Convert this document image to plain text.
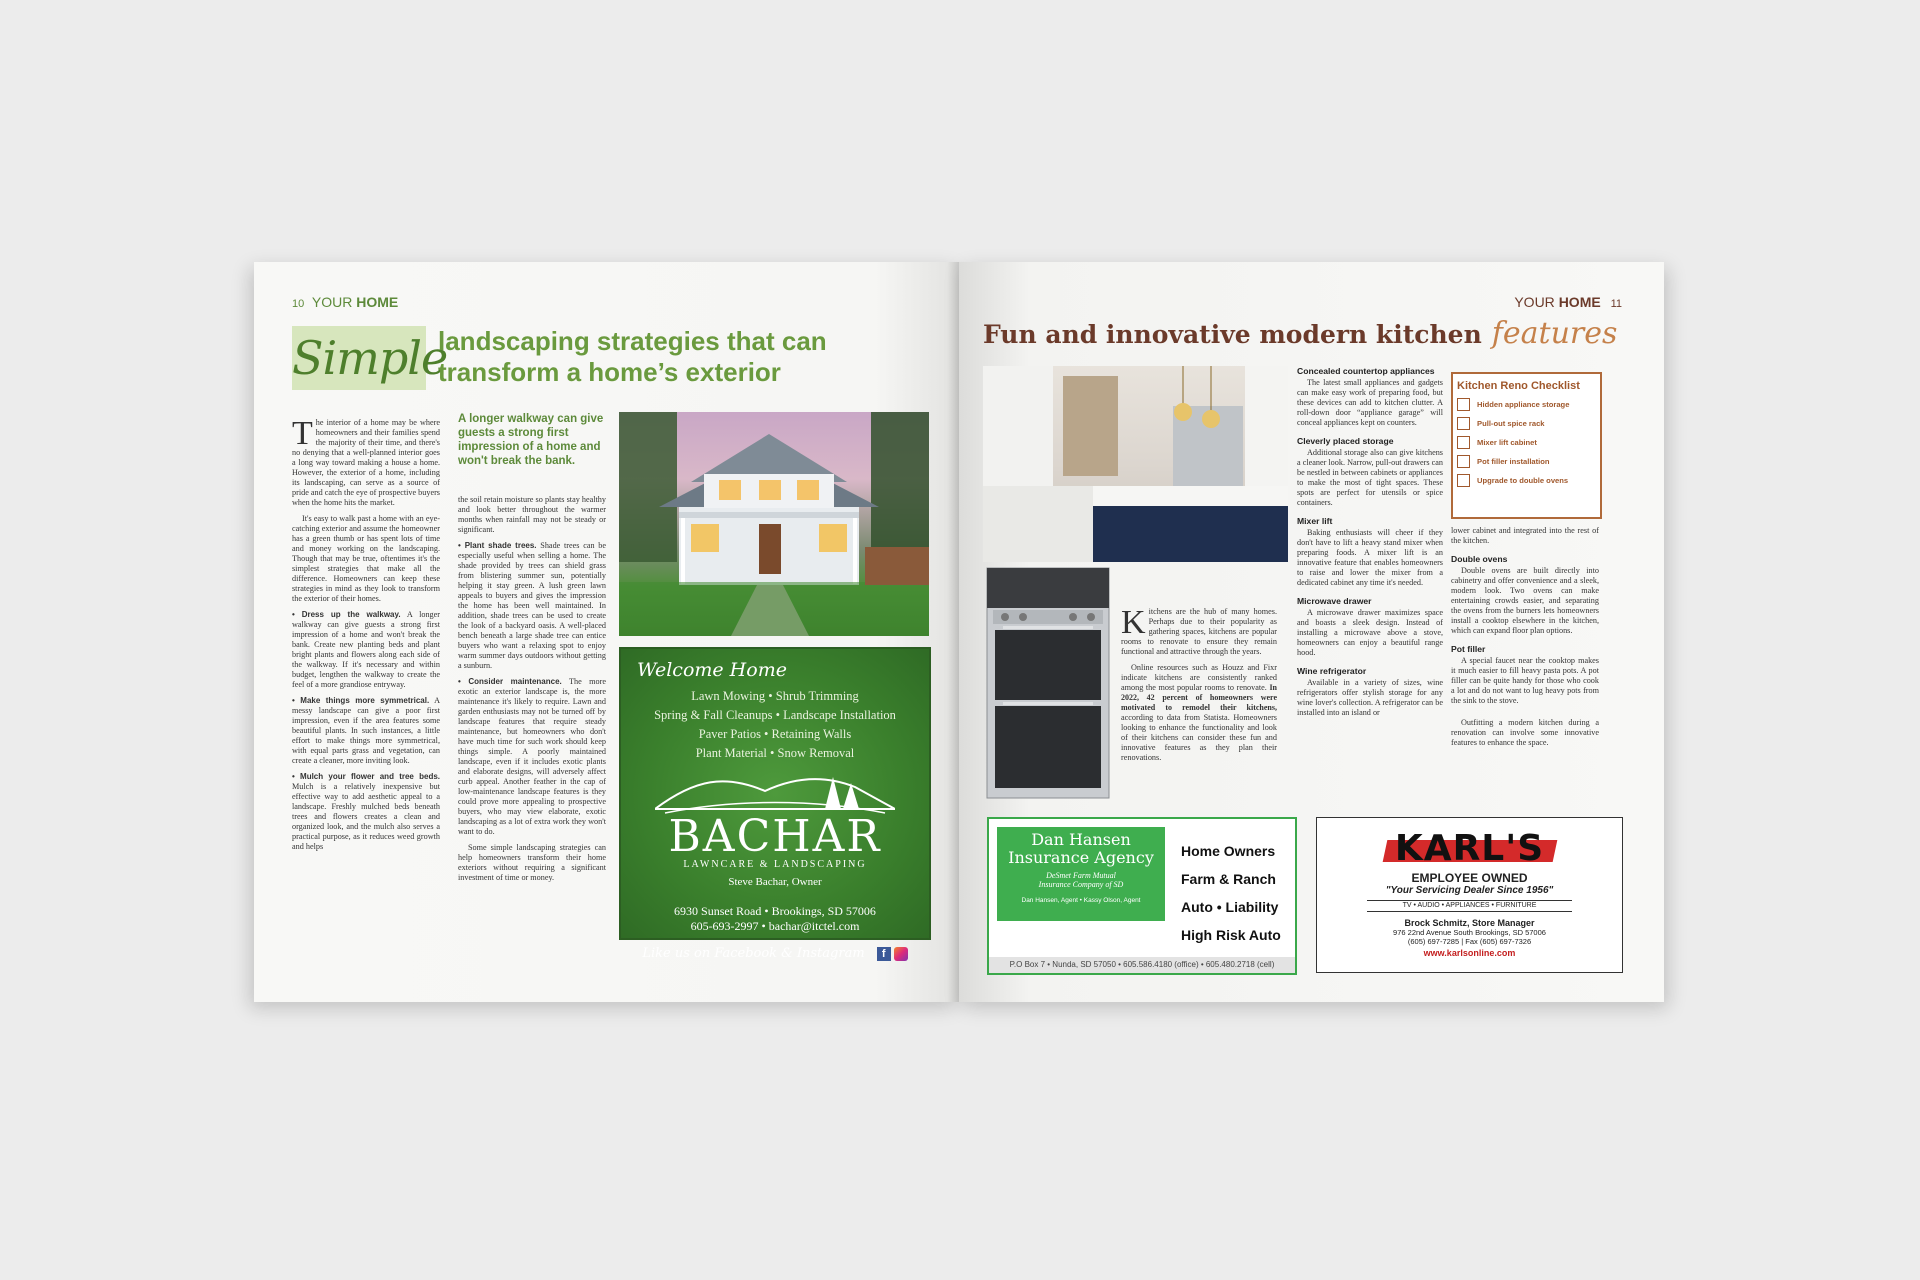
10 YOUR HOME
Simple
landscaping strategies that can transform a home’s exterior

The interior of a home may be where homeowners and their families spend the majority of their time, and there's no denying that a well-planned interior goes a long way toward making a house a home. However, the exterior of a home, including its landscaping, can serve as a source of pride and catch the eye of prospective buyers when the home hits the market.

It's easy to walk past a home with an eye-catching exterior and assume the homeowner has a green thumb or has spent lots of time and money working on the landscaping. Though that may be true, oftentimes it's the simplest strategies that make all the difference. Homeowners can keep these strategies in mind as they look to transform the exterior of their homes.

• Dress up the walkway. A longer walkway can give guests a strong first impression of a home and won't break the bank. Create new planting beds and plant bright plants and flowers along each side of the walkway. If it's necessary and within budget, lengthen the walkway to create the feel of a more grandiose entryway.

• Make things more symmetrical. A messy landscape can give a poor first impression, even if the area features some beautiful plants. In such instances, a little effort to make things more symmetrical, with equal parts grass and vegetation, can create a cleaner, more inviting look.

• Mulch your flower and tree beds. Mulch is a relatively inexpensive but effective way to add aesthetic appeal to a landscape. Freshly mulched beds beneath trees and flowers creates a clean and organized look, and the mulch also serves a practical purpose, as it reduces weed growth and helps

A longer walkway can give guests a strong first impression of a home and won't break the bank.

the soil retain moisture so plants stay healthy and look better throughout the warmer months when rainfall may not be steady or significant.

• Plant shade trees. Shade trees can be especially useful when selling a home. The shade provided by trees can shield grass from blistering summer sun, potentially helping it stay green. A lush green lawn appeals to buyers and gives the impression the home has been well maintained. In addition, shade trees can be used to create the look of a backyard oasis. A well-placed bench beneath a large shade tree can entice buyers who want a relaxing spot to enjoy warm summer days outdoors without getting a sunburn.

• Consider maintenance. The more exotic an exterior landscape is, the more maintenance it's likely to require. Lawn and garden enthusiasts may not be turned off by landscape features that require steady maintenance, but homeowners who don't have much time for such work should keep things simple. A poorly maintained landscape, even if it includes exotic plants and elaborate designs, will adversely affect curb appeal. Another feather in the cap of low-maintenance landscape features is they could prove more appealing to prospective buyers, who may view elaborate, exotic landscaping as a lot of extra work they won't want to do.

Some simple landscaping strategies can help homeowners transform their home exteriors without requiring a significant investment of time or money.

Welcome Home
Lawn Mowing • Shrub Trimming
Spring & Fall Cleanups • Landscape Installation
Paver Patios • Retaining Walls
Plant Material • Snow Removal
BACHAR
LAWNCARE & LANDSCAPING
Steve Bachar, Owner
6930 Sunset Road • Brookings, SD 57006
605-693-2997 • bachar@itctel.com
Like us on Facebook & Instagram	f
YOUR HOME 11
Fun and innovative modern kitchen features

Kitchens are the hub of many homes. Perhaps due to their popularity as gathering spaces, kitchens are popular rooms to renovate to ensure they remain functional and attractive through the years.

Online resources such as Houzz and Fixr indicate kitchens are consistently ranked among the most popular rooms to renovate. In 2022, 42 percent of homeowners were motivated to remodel their kitchens, according to data from Statista. Homeowners looking to enhance the functionality and look of their kitchens can consider these fun and innovative features as they plan their renovations.

Concealed countertop appliances

The latest small appliances and gadgets can make easy work of preparing food, but these devices can add to kitchen clutter. A roll-down door “appliance garage” will conceal appliances kept on counters.

Cleverly placed storage

Additional storage also can give kitchens a cleaner look. Narrow, pull-out drawers can be nestled in between cabinets or appliances to make the most of tight spaces. These spots are perfect for utensils or spice containers.

Mixer lift

Baking enthusiasts will cheer if they don't have to lift a heavy stand mixer when preparing foods. A mixer lift is an innovative feature that enables homeowners to raise and lower the mixer from a dedicated cabinet any time it's needed.

Microwave drawer

A microwave drawer maximizes space and boasts a sleek design. Instead of installing a microwave above a stove, homeowners can enjoy a beautiful range hood.

Wine refrigerator

Available in a variety of sizes, wine refrigerators offer stylish storage for any wine lover's collection. A refrigerator can be installed into an island or

Kitchen Reno Checklist
Hidden appliance storage
Pull-out spice rack
Mixer lift cabinet
Pot filler installation
Upgrade to double ovens

lower cabinet and integrated into the rest of the kitchen.

Double ovens

Double ovens are built directly into cabinetry and offer convenience and a sleek, modern look. Two ovens can make entertaining crowds easier, and separating the ovens from the burners lets homeowners install a cooktop elsewhere in the kitchen, which can expand floor plan options.

Pot filler

A special faucet near the cooktop makes it much easier to fill heavy pasta pots. A pot filler can be quite handy for those who cook a lot and do not want to lug heavy pots from the sink to the stove.

Outfitting a modern kitchen during a renovation can involve some innovative features to enhance the space.

Dan Hansen
Insurance Agency
DeSmet Farm Mutual
Insurance Company of SD
Dan Hansen, Agent • Kassy Olson, Agent
Home Owners
Farm & Ranch
Auto • Liability
High Risk Auto
P.O Box 7 • Nunda, SD 57050 • 605.586.4180 (office) • 605.480.2718 (cell)
KARL'S
EMPLOYEE OWNED
"Your Servicing Dealer Since 1956"
TV • AUDIO • APPLIANCES • FURNITURE
Brock Schmitz, Store Manager
976 22nd Avenue South Brookings, SD 57006
(605) 697-7285 | Fax (605) 697-7326
www.karlsonline.com
